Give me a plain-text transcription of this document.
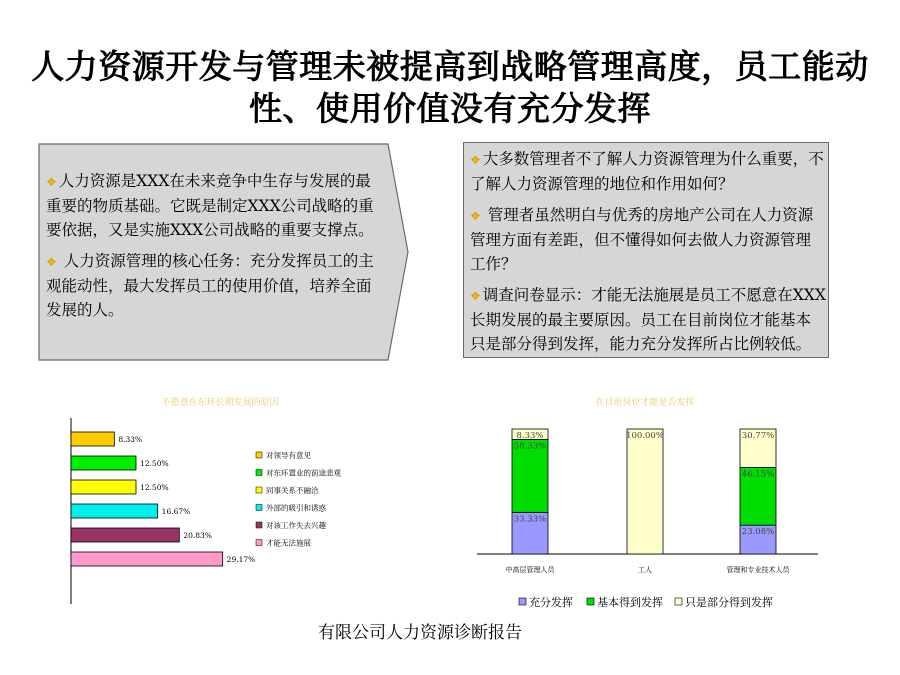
人力资源开发与管理未被提高到战略管理高度，员工能动性、使用价值没有充分发挥

❖ 人力资源是XXX在未来竞争中生存与发展的最重要的物质基础。它既是制定XXX公司战略的重要依据，又是实施XXX公司战略的重要支撑点。

❖ 人力资源管理的核心任务：充分发挥员工的主观能动性，最大发挥员工的使用价值，培养全面发展的人。

❖ 大多数管理者不了解人力资源管理为什么重要，不了解人力资源管理的地位和作用如何？

❖ 管理者虽然明白与优秀的房地产公司在人力资源管理方面有差距，但不懂得如何去做人力资源管理工作？

❖ 调查问卷显示：才能无法施展是员工不愿意在XXX长期发展的最主要原因。员工在目前岗位才能基本只是部分得到发挥，能力充分发挥所占比例较低。

不愿意在东环长期发展的原因
8.33%
12.50%
12.50%
16.67%
20.83%
29.17%
对领导有意见
对东环置业的前途悲观
同事关系不融洽
外部的吸引和诱惑
对该工作失去兴趣
才能无法施展
在目前岗位才能是否发挥
33.33%
58.33%
8.33%
中高层管理人员
100.00%
工人
23.08%
46.15%
30.77%
管理和专业技术人员
充分发挥 基本得到发挥 只是部分得到发挥
有限公司人力资源诊断报告
